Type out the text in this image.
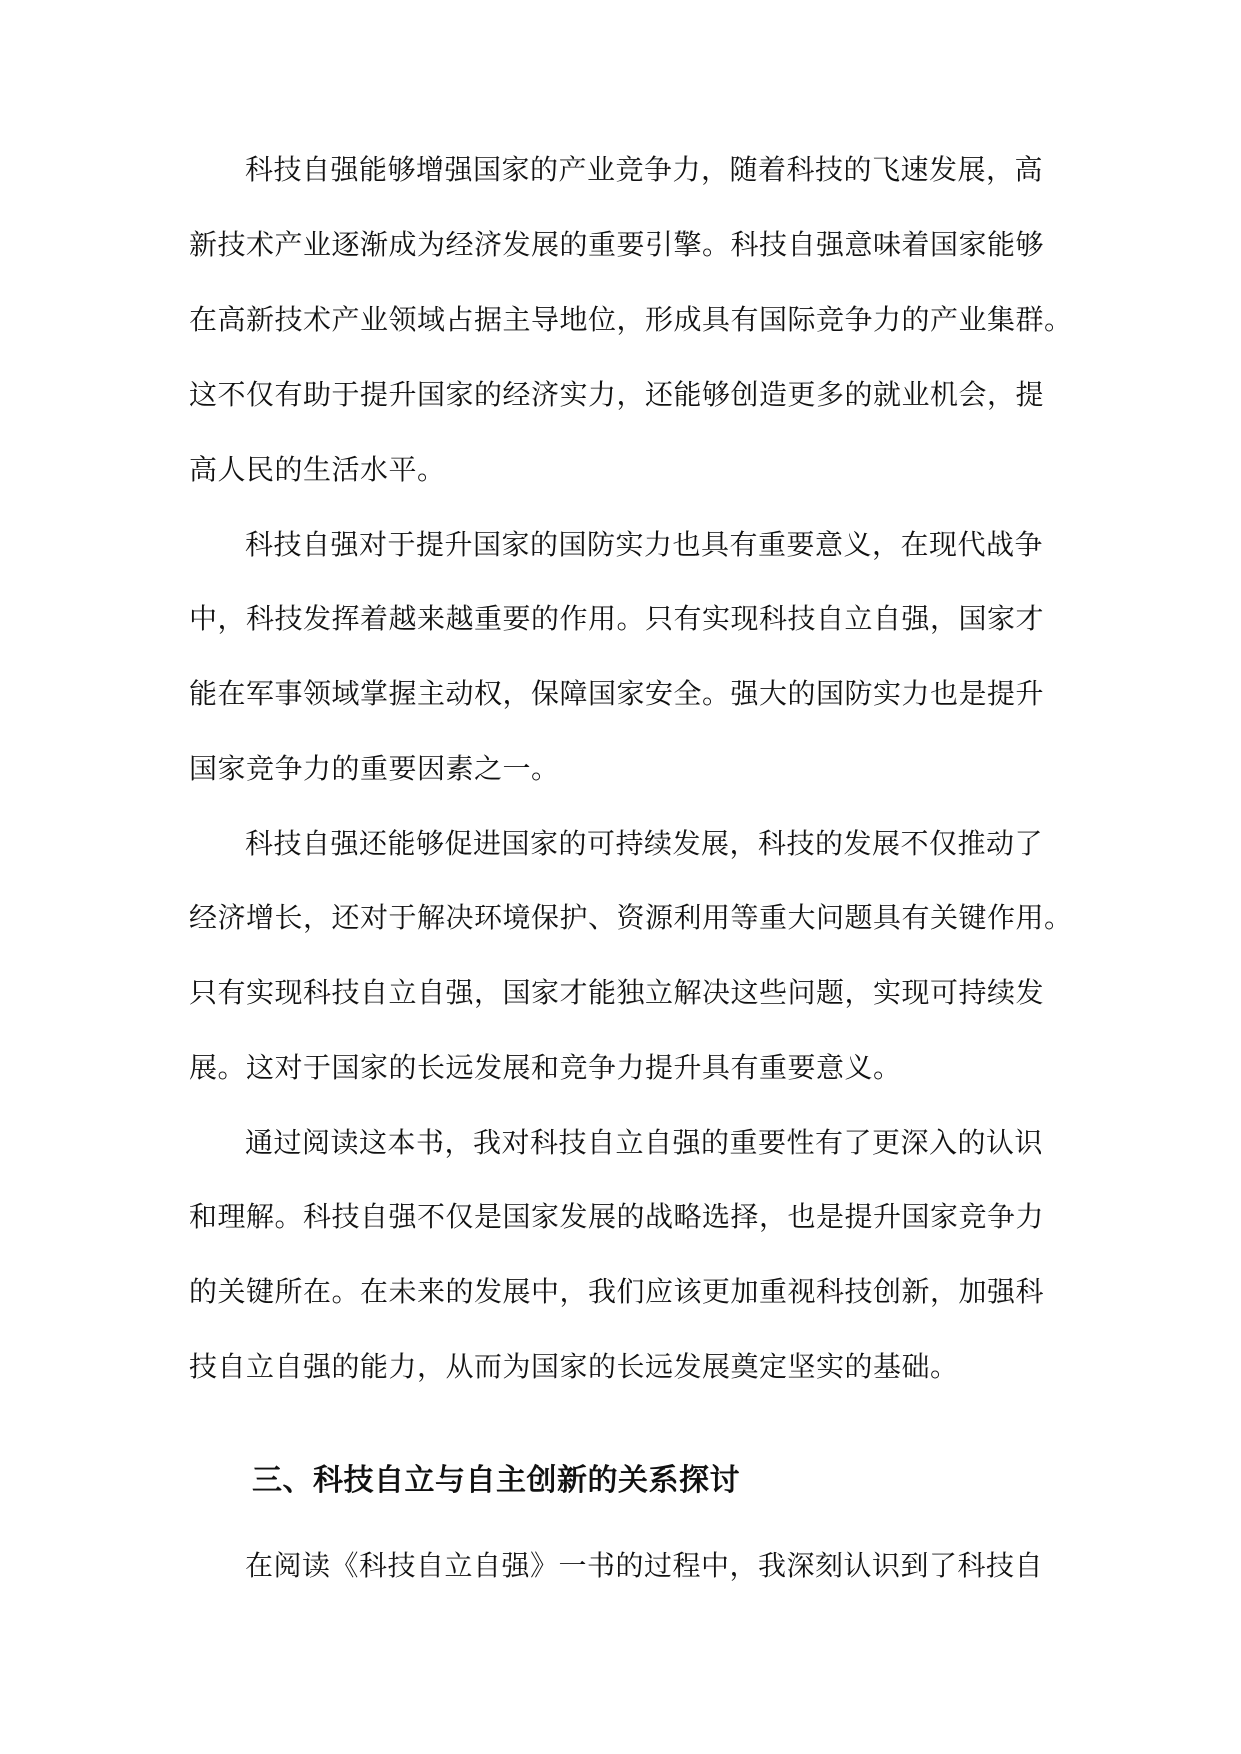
科技自强能够增强国家的产业竞争力，随着科技的飞速发展，高
新技术产业逐渐成为经济发展的重要引擎。科技自强意味着国家能够
在高新技术产业领域占据主导地位，形成具有国际竞争力的产业集群。
这不仅有助于提升国家的经济实力，还能够创造更多的就业机会，提
高人民的生活水平。
科技自强对于提升国家的国防实力也具有重要意义，在现代战争
中，科技发挥着越来越重要的作用。只有实现科技自立自强，国家才
能在军事领域掌握主动权，保障国家安全。强大的国防实力也是提升
国家竞争力的重要因素之一。
科技自强还能够促进国家的可持续发展，科技的发展不仅推动了
经济增长，还对于解决环境保护、资源利用等重大问题具有关键作用。
只有实现科技自立自强，国家才能独立解决这些问题，实现可持续发
展。这对于国家的长远发展和竞争力提升具有重要意义。
通过阅读这本书，我对科技自立自强的重要性有了更深入的认识
和理解。科技自强不仅是国家发展的战略选择，也是提升国家竞争力
的关键所在。在未来的发展中，我们应该更加重视科技创新，加强科
技自立自强的能力，从而为国家的长远发展奠定坚实的基础。
三、科技自立与自主创新的关系探讨
在阅读《科技自立自强》一书的过程中，我深刻认识到了科技自
